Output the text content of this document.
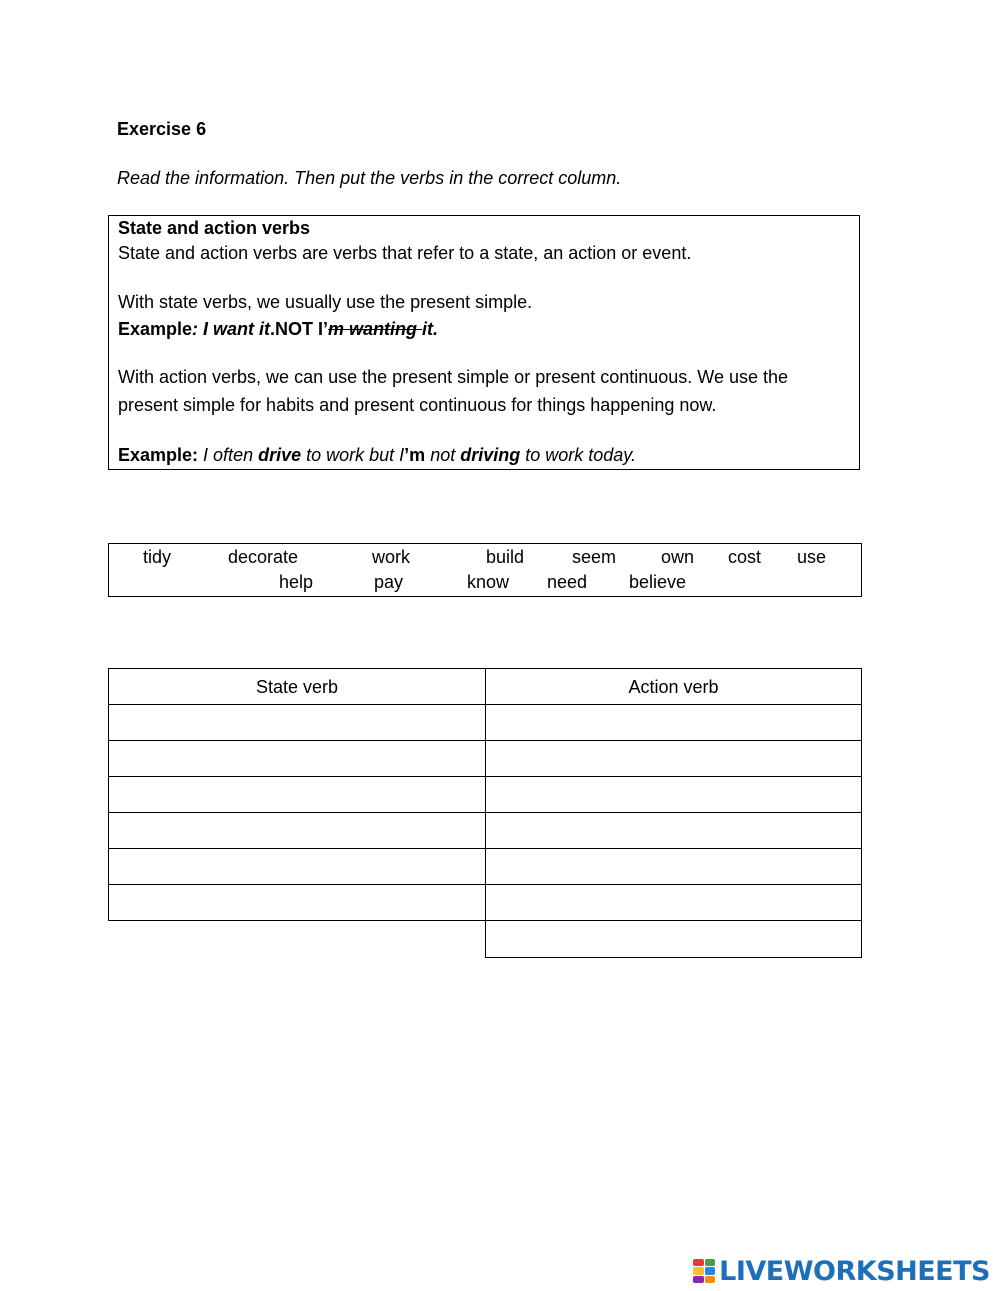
Exercise 6
Read the information. Then put the verbs in the correct column.
State and action verbs
State and action verbs are verbs that refer to a state, an action or event.
With state verbs, we usually use the present simple.
Example: I want it.NOT I’m wanting it.
With action verbs, we can use the present simple or present continuous. We use the
present simple for habits and present continuous for things happening now.
Example: I often drive to work but I’m not driving to work today.
tidy	decorate	work	build	seem own cost use
help	pay	know need believe
State verb	Action verb
LIVEWORKSHEETS
